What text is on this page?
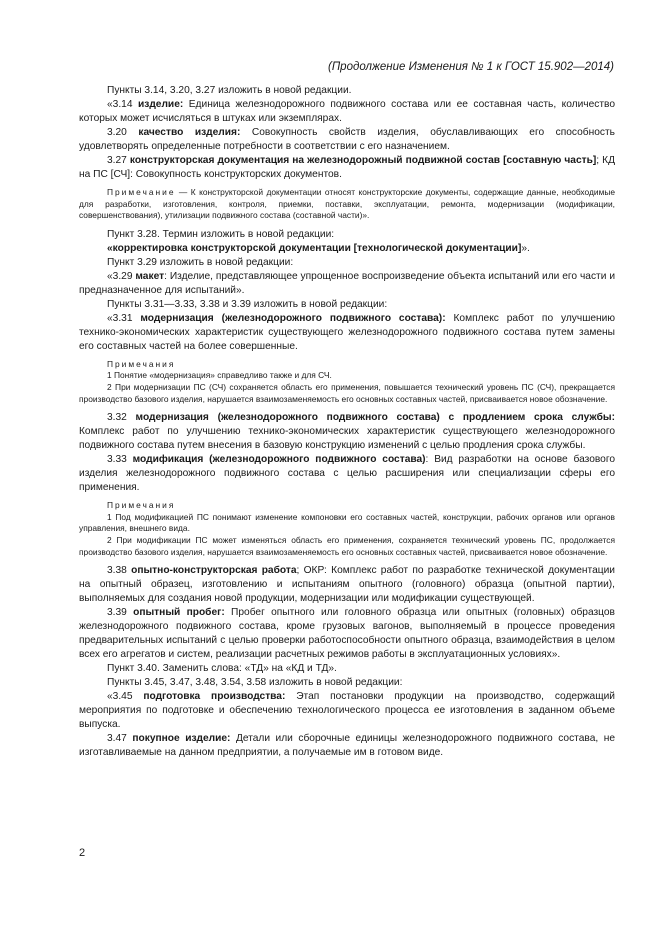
(Продолжение Изменения № 1 к ГОСТ 15.902—2014)

Пункты 3.14, 3.20, 3.27 изложить в новой редакции.

«3.14 изделие: Единица железнодорожного подвижного состава или ее составная часть, количество которых может исчисляться в штуках или экземплярах.

3.20 качество изделия: Совокупность свойств изделия, обуславливающих его способность удовлетворять определенные потребности в соответствии с его назначением.

3.27 конструкторская документация на железнодорожный подвижной состав [составную часть]; КД на ПС [СЧ]: Совокупность конструкторских документов.

Примечание — К конструкторской документации относят конструкторские документы, содержащие данные, необходимые для разработки, изготовления, контроля, приемки, поставки, эксплуатации, ремонта, модернизации (модификации, совершенствования), утилизации подвижного состава (составной части)».

Пункт 3.28. Термин изложить в новой редакции:

«корректировка конструкторской документации [технологической документации]».

Пункт 3.29 изложить в новой редакции:

«3.29 макет: Изделие, представляющее упрощенное воспроизведение объекта испытаний или его части и предназначенное для испытаний».

Пункты 3.31—3.33, 3.38 и 3.39 изложить в новой редакции:

«3.31 модернизация (железнодорожного подвижного состава): Комплекс работ по улучшению технико-экономических характеристик существующего железнодорожного подвижного состава путем замены его составных частей на более совершенные.

Примечания

1 Понятие «модернизация» справедливо также и для СЧ.

2 При модернизации ПС (СЧ) сохраняется область его применения, повышается технический уровень ПС (СЧ), прекращается производство базового изделия, нарушается взаимозаменяемость его основных составных частей, присваивается новое обозначение.

3.32 модернизация (железнодорожного подвижного состава) с продлением срока службы: Комплекс работ по улучшению технико-экономических характеристик существующего железнодорожного подвижного состава путем внесения в базовую конструкцию изменений с целью продления срока службы.

3.33 модификация (железнодорожного подвижного состава): Вид разработки на основе базового изделия железнодорожного подвижного состава с целью расширения или специализации сферы его применения.

Примечания

1 Под модификацией ПС понимают изменение компоновки его составных частей, конструкции, рабочих органов или органов управления, внешнего вида.

2 При модификации ПС может изменяться область его применения, сохраняется технический уровень ПС, продолжается производство базового изделия, нарушается взаимозаменяемость его основных составных частей, присваивается новое обозначение.

3.38 опытно-конструкторская работа; ОКР: Комплекс работ по разработке технической документации на опытный образец, изготовлению и испытаниям опытного (головного) образца (опытной партии), выполняемых для создания новой продукции, модернизации или модификации существующей.

3.39 опытный пробег: Пробег опытного или головного образца или опытных (головных) образцов железнодорожного подвижного состава, кроме грузовых вагонов, выполняемый в процессе проведения предварительных испытаний с целью проверки работоспособности опытного образца, взаимодействия в целом всех его агрегатов и систем, реализации расчетных режимов работы в эксплуатационных условиях».

Пункт 3.40. Заменить слова: «ТД» на «КД и ТД».

Пункты 3.45, 3.47, 3.48, 3.54, 3.58 изложить в новой редакции:

«3.45 подготовка производства: Этап постановки продукции на производство, содержащий мероприятия по подготовке и обеспечению технологического процесса ее изготовления в заданном объеме выпуска.

3.47 покупное изделие: Детали или сборочные единицы железнодорожного подвижного состава, не изготавливаемые на данном предприятии, а получаемые им в готовом виде.

2
